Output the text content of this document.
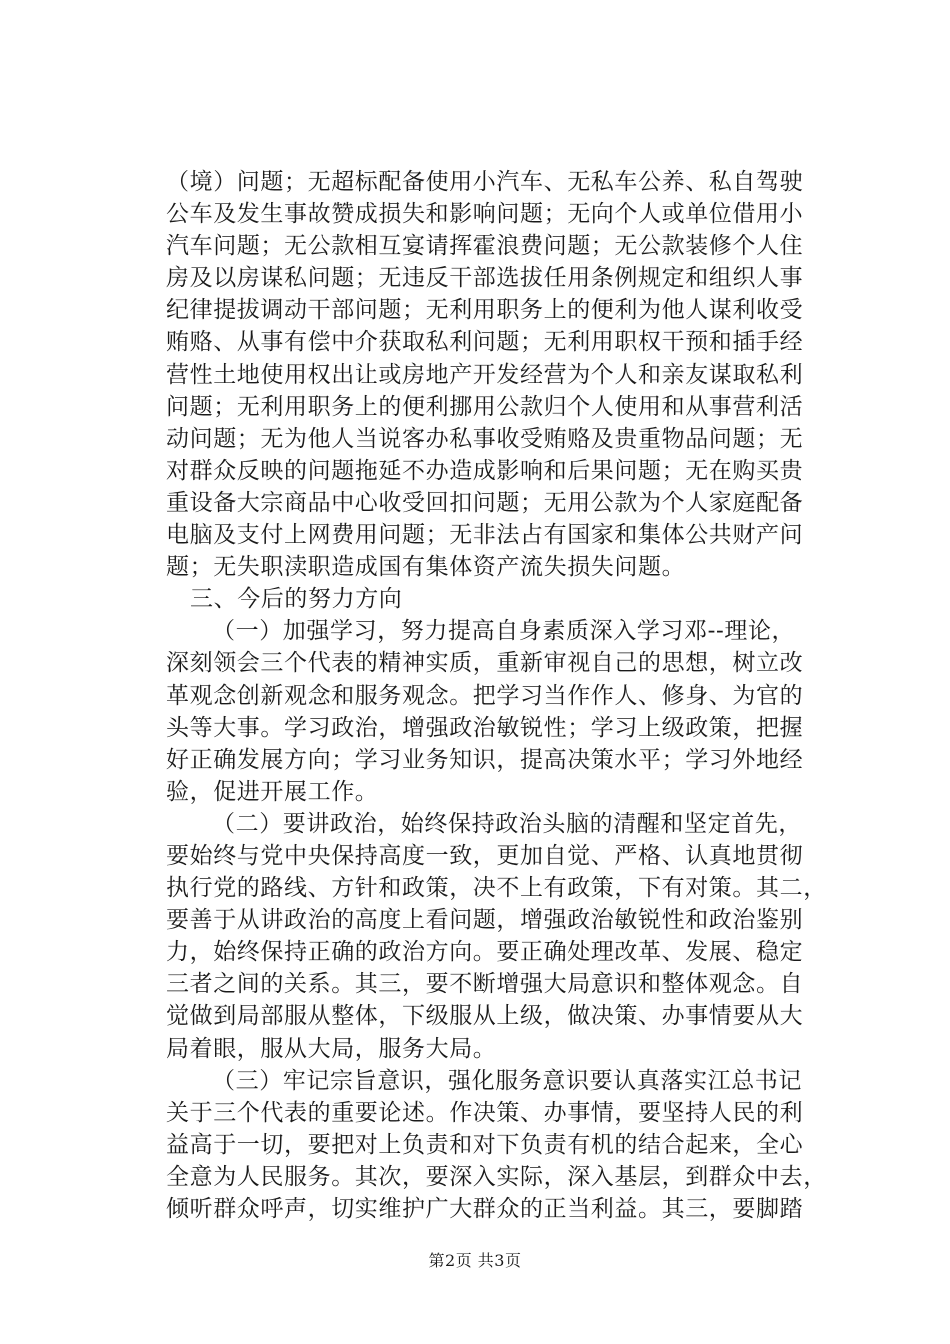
（境）问题；无超标配备使用小汽车、无私车公养、私自驾驶
公车及发生事故赞成损失和影响问题；无向个人或单位借用小
汽车问题；无公款相互宴请挥霍浪费问题；无公款装修个人住
房及以房谋私问题；无违反干部选拔任用条例规定和组织人事
纪律提拔调动干部问题；无利用职务上的便利为他人谋利收受
贿赂、从事有偿中介获取私利问题；无利用职权干预和插手经
营性土地使用权出让或房地产开发经营为个人和亲友谋取私利
问题；无利用职务上的便利挪用公款归个人使用和从事营利活
动问题；无为他人当说客办私事收受贿赂及贵重物品问题；无
对群众反映的问题拖延不办造成影响和后果问题；无在购买贵
重设备大宗商品中心收受回扣问题；无用公款为个人家庭配备
电脑及支付上网费用问题；无非法占有国家和集体公共财产问
题；无失职渎职造成国有集体资产流失损失问题。
三、今后的努力方向
（一）加强学习，努力提高自身素质深入学习邓--理论，
深刻领会三个代表的精神实质，重新审视自己的思想，树立改
革观念创新观念和服务观念。把学习当作作人、修身、为官的
头等大事。学习政治，增强政治敏锐性；学习上级政策，把握
好正确发展方向；学习业务知识，提高决策水平；学习外地经
验，促进开展工作。
（二）要讲政治，始终保持政治头脑的清醒和坚定首先，
要始终与党中央保持高度一致，更加自觉、严格、认真地贯彻
执行党的路线、方针和政策，决不上有政策，下有对策。其二，
要善于从讲政治的高度上看问题，增强政治敏锐性和政治鉴别
力，始终保持正确的政治方向。要正确处理改革、发展、稳定
三者之间的关系。其三，要不断增强大局意识和整体观念。自
觉做到局部服从整体，下级服从上级，做决策、办事情要从大
局着眼，服从大局，服务大局。
（三）牢记宗旨意识，强化服务意识要认真落实江总书记
关于三个代表的重要论述。作决策、办事情，要坚持人民的利
益高于一切，要把对上负责和对下负责有机的结合起来，全心
全意为人民服务。其次，要深入实际，深入基层，到群众中去，
倾听群众呼声，切实维护广大群众的正当利益。其三，要脚踏
第2页 共3页
